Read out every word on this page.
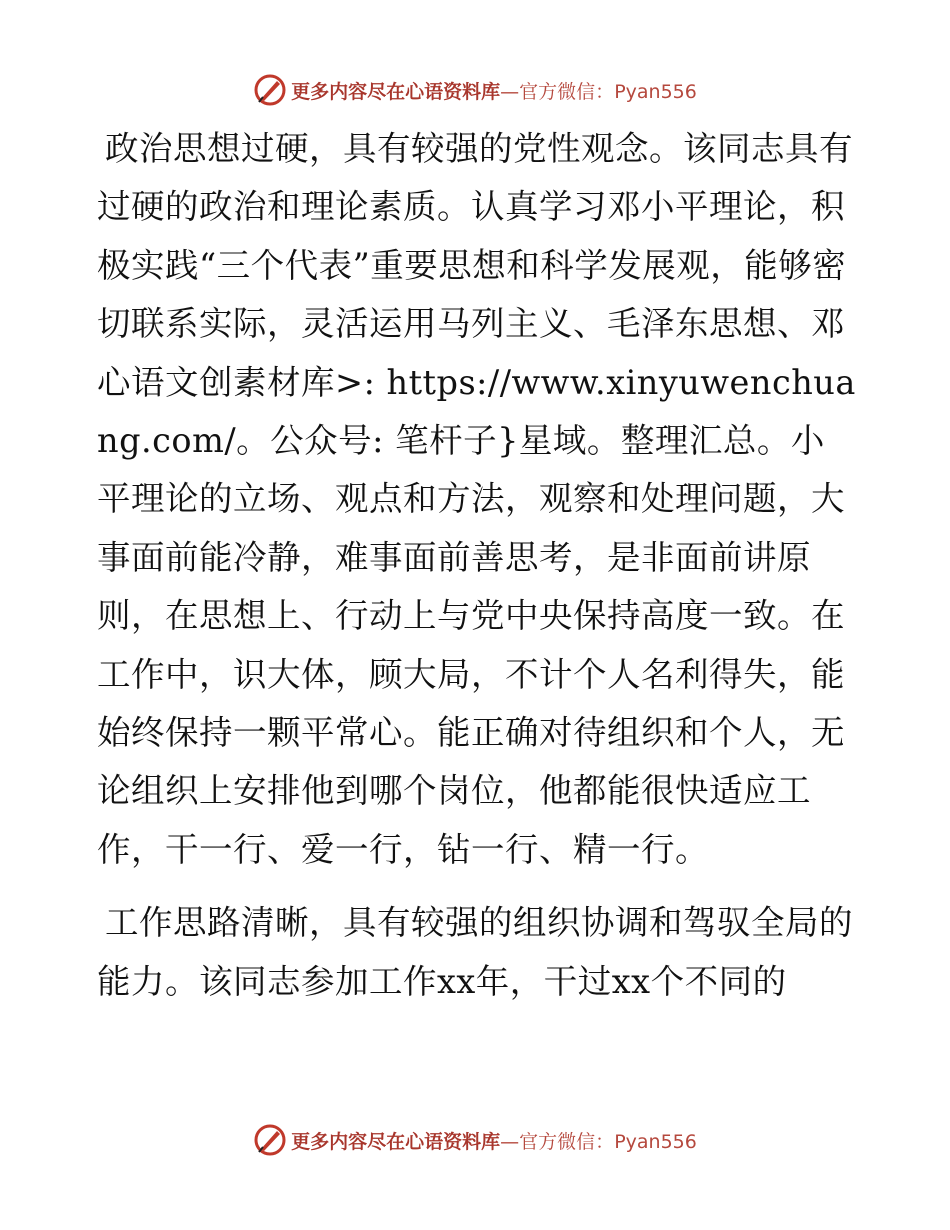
更多内容尽在心语资料库—官方微信：Pyan556

政治思想过硬，具有较强的党性观念。该同志具有过硬的政治和理论素质。认真学习邓小平理论，积极实践“三个代表”重要思想和科学发展观，能够密切联系实际，灵活运用马列主义、毛泽东思想、邓心语文创素材库>: https://www.xinyuwenchuang.com/。公众号: 笔杆子}星域。整理汇总。小平理论的立场、观点和方法，观察和处理问题，大事面前能冷静，难事面前善思考，是非面前讲原则，在思想上、行动上与党中央保持高度一致。在工作中，识大体，顾大局，不计个人名利得失，能始终保持一颗平常心。能正确对待组织和个人，无论组织上安排他到哪个岗位，他都能很快适应工作，干一行、爱一行，钻一行、精一行。

工作思路清晰，具有较强的组织协调和驾驭全局的能力。该同志参加工作xx年，干过xx个不同的

更多内容尽在心语资料库—官方微信：Pyan556
